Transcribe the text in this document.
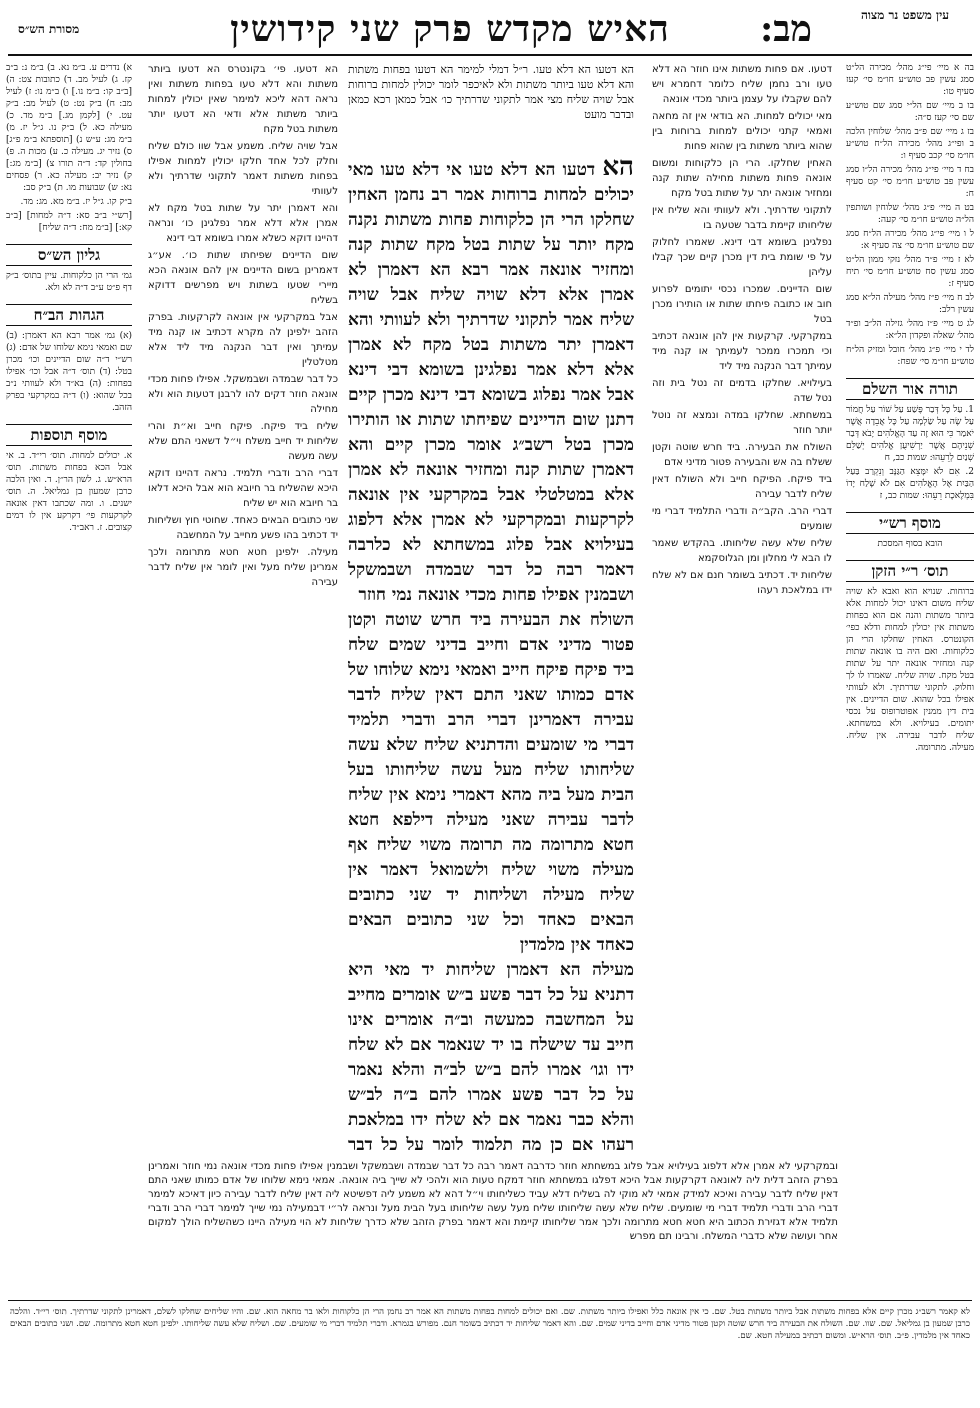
עין משפט נר מצוה
מב:
האיש מקדש פרק שני קידושין
מסורת הש״ס

בה א מיי׳ פי״ג מהל׳ מכירה הל״ט סמג עשין פב טוש״ע חו״מ סי׳ קעז סעיף טו:

בו ב מיי׳ שם הל״י סמג שם טוש״ע שם סי׳ קעז ס״ה:

בז ג מיי׳ שם פ״ב מהל׳ שלוחין הלכה ב ופי״ג מהל׳ מכירה הל״ח טוש״ע חו״מ סי׳ קכב סעיף ו:

בח ד מיי׳ פי״ג מהל׳ מכירה הל״ו סמג עשין פב טוש״ע חו״מ סי׳ קט סעיף ח:

בט ה מיי׳ פ״ג מהל׳ שלוחין ושותפין הל״ה טוש״ע חו״מ סי׳ קעה:

ל ו מיי׳ פי״ג מהל׳ מכירה הל״ח סמג שם טוש״ע חו״מ סי׳ צה סעיף א:

לא ז מיי׳ פ״ד מהל׳ נזקי ממון הל״ט סמג עשין סח טוש״ע חו״מ סי׳ תיח סעיף ז:

לב ח מיי׳ פ״ז מהל׳ מעילה הל״א סמג עשין רלב:

לג ט מיי׳ פ״ז מהל׳ גזילה הל״ב ופ״ד מהל׳ שאלה ופקדון הל״א:

לד י מיי׳ פ״ג מהל׳ חובל ומזיק הל״ח טוש״ע חו״מ סי׳ שפח:

תורה אור השלם

1. עַל כָּל דְּבַר פֶּשַׁע עַל שׁוֹר עַל חֲמוֹר עַל שֶׂה עַל שַׂלְמָה עַל כָּל אֲבֵדָה אֲשֶׁר יֹאמַר כִּי הוּא זֶה עַד הָאֱלֹהִים יָבֹא דְּבַר שְׁנֵיהֶם אֲשֶׁר יַרְשִׁיעֻן אֱלֹהִים יְשַׁלֵּם שְׁנַיִם לְרֵעֵהוּ: שמות כב, ח

2. אִם לֹא יִמָּצֵא הַגַּנָּב וְנִקְרַב בַּעַל הַבַּיִת אֶל הָאֱלֹהִים אִם לֹא שָׁלַח יָדוֹ בִּמְלֶאכֶת רֵעֵהוּ: שמות כב, ז

מוסף רש״י
הובא בסוף המסכת
תוס׳ ר״י הזקן

ברוחות. שנויא הוא ואבא לא שויה שליח משום דאינו יכול למחות אלא ביותר משתות והנה אם הוא בפחות משתות אין יכולין למחות ודלא כפי׳ הקונטרס. האחין שחלקו הרי הן כלקוחות. ואם היה בו אונאה שתות קנה ומחזיר אונאה יתר על שתות בטל מקח. שויה שליח. שאמרו לו לך וחלוק. לתקוני שדרתיך. ולא לעוותי אפילו בכל שהוא. שום הדיינים. אין בית דין ממנין אפוטרופוס על נכסי יתומים. בעילויא. ולא במשחתא. שליח לדבר עבירה. אין שליח. מעילה. מתרומה.

דטעו. אם פחות משתות אינו חוזר הא דלא טעו ורב נחמן שליח כלומר דחמרא ויש להם שקבלו על עצמן ביותר מכדי אונאה

מאי יכולים למחות. הא בודאי אין זה מחאה ואמאי קתני יכולים למחות ברוחות בין שהוא ביותר משתות בין שהוא פחות

האחין שחלקו. הרי הן כלקוחות ומשום אונאה פחות משתות מחילה שתות קנה ומחזיר אונאה יתר על שתות בטל מקח

לתקוני שדרתיך. ולא לעוותי והא שליח אין שליחותו קיימת בדבר שטעה בו

נפלגינן בשומא דבי דינא. שאמרו לחלוק על פי שומת בית דין מכרן קיים שכך קבלו עליהן

שום הדיינים. שמכרו נכסי יתומים לפרוע חוב או כתובה פיחתו שתות או הותירו מכרן בטל

במקרקעי. קרקעות אין להן אונאה דכתיב וכי תמכרו ממכר לעמיתך או קנה מיד עמיתך דבר הנקנה מיד ליד

בעילויא. שחלקו בדמים זה נטל בית וזה נטל שדה

במשחתא. שחלקו במדה ונמצא זה נוטל יותר חוזר

השולח את הבעירה. ביד חרש שוטה וקטן ששלח בה אש והבעירה פטור מדיני אדם

ביד פיקח. הפיקח חייב ולא השולח דאין שליח לדבר עבירה

דברי הרב. הקב״ה ודברי התלמיד דברי מי שומעים

שליח שלא עשה שליחותו. בהקדש שאמר לו הבא לי מחלון ומן הגלוסקמא

שליחות יד. דכתיב בשומר חנם אם לא שלח ידו במלאכת רעהו

הא דטעו הא דלא טעו. ר״ל דמלי למימר הא דטעו בפחות משתות והא דלא טעו ביותר משתות ולא לאיכפר לומר יכולין למחות ברוחות אבל שויה שליח מצי אמר לתקוני שדרתיך כו׳ אבל כמאן רכא כמאן ובדבר מועט

הא דטעו הא דלא טעו אי דלא טעו מאי יכולים למחות ברוחות אמר רב נחמן האחין שחלקו הרי הן כלקוחות פחות משתות נקנה מקח יותר על שתות בטל מקח שתות קנה ומחזיר אונאה אמר רבא הא דאמרן לא אמרן אלא דלא שויה שליח אבל שויה שליח אמר לתקוני שדרתיך ולא לעוותי והא דאמרן יתר משתות בטל מקח לא אמרן אלא דלא אמר נפלגינן בשומא דבי דינא אבל אמר נפלוג בשומא דבי דינא מכרן קיים דתנן שום הדיינים שפיחתו שתות או הותירו מכרן בטל רשב״ג אומר מכרן קיים והא דאמרן שתות קנה ומחזיר אונאה לא אמרן אלא במטלטלי אבל במקרקעי אין אונאה לקרקעות ובמקרקעי לא אמרן אלא דלפוג בעילויא אבל פלוג במשחתא לא כלרבה דאמר רבה כל דבר שבמדה ושבמשקל ושבמנין אפילו פחות מכדי אונאה נמי חוזר

השולח את הבעירה ביד חרש שוטה וקטן פטור מדיני אדם וחייב בדיני שמים שלח ביד פיקח פיקח חייב ואמאי נימא שלוחו של אדם כמותו שאני התם דאין שליח לדבר עבירה דאמרינן דברי הרב ודברי תלמיד דברי מי שומעים והדתניא שליח שלא עשה שליחותו שליח מעל עשה שליחותו בעל הבית מעל ביה מהא דאמרי נימא אין שליח לדבר עבירה שאני מעילה דילפא חטא חטא מתרומה מה תרומה משוי שליח אף מעילה משוי שליח ולשמואל דאמר אין שליח מעילה ושליחות יד שני כתובים הבאים כאחד וכל שני כתובים הבאים כאחד אין מלמדין

מעילה הא דאמרן שליחות יד מאי היא דתניא על כל דבר פשע ב״ש אומרים מחייב על המחשבה כמעשה וב״ה אומרים אינו חייב עד שישלח בו יד שנאמר אם לא שלח ידו וגו׳ אמרו להם ב״ש לב״ה והלא נאמר על כל דבר פשע אמרו להם ב״ה לב״ש והלא כבר נאמר אם לא שלח ידו במלאכת רעהו אם כן מה תלמוד לומר על כל דבר

הא דטעו. פי׳ בקונטרס הא דטעו ביותר משתות והא דלא טעו בפחות משתות ואין נראה דהא ליכא למימר שאין יכולין למחות ביותר משתות אלא ודאי הא דטעו יותר משתות בטל מקח

אבל שויה שליח. משמע אבל שוו כולם שליח וחלק לכל אחד חלקו יכולין למחות אפילו בפחות משתות דאמר לתקוני שדרתיך ולא לעוותי

והא דאמרן יתר על שתות בטל מקח לא אמרן אלא דלא אמר נפלגינן כו׳ ונראה דהיינו דוקא כשלא אמרו בשומא דבי דינא

שום הדיינים שפיחתו שתות כו׳. אע״ג דאמרינן בשום הדיינים אין להם אונאה הכא מיירי שטעו בשתות ויש מפרשים דדוקא בשליח

אבל במקרקעי אין אונאה לקרקעות. בפרק הזהב ילפינן לה מקרא דכתיב או קנה מיד עמיתך ואין דבר הנקנה מיד ליד אלא מטלטלין

כל דבר שבמדה ושבמשקל. אפילו פחות מכדי אונאה חוזר דקים להו לרבנן דטעות הוא ולא מחילה

שליח ביד פיקח. פיקח חייב וא״ת והרי שליחות יד חייב משלח וי״ל דשאני התם שלא עשה מעשה

דברי הרב ודברי תלמיד. נראה דהיינו דוקא היכא שהשליח בר חיובא הוא אבל היכא דלאו בר חיובא הוא יש שליח

שני כתובים הבאים כאחד. שחוטי חוץ ושליחות יד דכתיב בהו פשע מחייב על המחשבה

מעילה. ילפינן חטא חטא מתרומה ולכך אמרינן שליח מעל ואין לומר אין שליח לדבר עבירה

א) נדרים ע. ב״מ נא. ב) ב״מ נ: ב״ב קז. ג) לעיל מב. ד) כתובות צט: ה) [ב״ב קו: ב״מ נו.] ו) ב״מ נו: ז) לעיל מב: ח) ב״ק נט: ט) לעיל מב: ב״ק עט. י) [לקמן מג.] ב״מ מד. כ) מעילה כא. ל) ב״ק נו. ג״ל יז. מ) ב״מ מג: ע״ש נ) [תוספתא ב״מ פ״ג] ס) נזיר יג. מעילה כ. ע) מכות ה. פ) בחולין קד: ד״ה תורו צ) [ב״מ מג:] ק) נזיר יב: מעילה כא. ר) פסחים נא: ש) שבועות מו. ת) ב״ק סב:

ב״ק קו. ג״ל יז. ב״מ מא. מג: מד.

[רש״י ב״ב סא: ד״ה למחות] [ב״ב קא:] [ב״מ מח: ד״ה שליח]

גליון הש״ס

גמ׳ הרי הן כלקוחות. עיין בתוס׳ ב״ק דף פ״ט ע״ב ד״ה לא ולא.

הגהות הב״ח

(א) גמ׳ אמר רבא הא דאמרן: (ב) שם ואמאי נימא שלוחו של אדם: (ג) רש״י ד״ה שום הדיינים וכו׳ מכרן בטל: (ד) תוס׳ ד״ה אבל וכו׳ אפילו בפחות: (ה) בא״ד ולא לעוותי נ״ב בכל שהוא: (ו) ד״ה במקרקעי בפרק הזהב.

מוסף תוספות

א. יכולים למחות. תוס׳ רי״ד. ב. אי אבל הכא בפחות משתות. תוס׳ הרא״ש. ג. לשון הר״ן. ד. ואין הלכה כרבן שמעון בן גמליאל. ה. תוס׳ ישנים. ו. ומה שכתבו דאין אונאה לקרקעות פי׳ דקרקע אין לו דמים קצובים. ז. ראב״ד.

ובמקרקעי לא אמרן אלא דלפוג בעילויא אבל פלוג במשחתא חוזר כדרבה דאמר רבה כל דבר שבמדה ושבמשקל ושבמנין אפילו פחות מכדי אונאה נמי חוזר ואמרינן בפרק הזהב דלית ליה לאונאה דקרקעות אבל היכא דפלגו במשחתא חוזר דמקח טעות הוא ולהכי לא שייך ביה אונאה. אמאי נימא שלוחו של אדם כמותו שאני התם דאין שליח לדבר עבירה ואיכא למידק אמאי לא מוקי לה בשליח דלא עביד כשליחותו וי״ל דהא לא משמע ליה דפשיטא ליה דאין שליח לדבר עבירה כיון דאיכא למימר דברי הרב ודברי תלמיד דברי מי שומעים. שליח שלא עשה שליחותו שליח מעל עשה שליחותו בעל הבית מעל ונראה לר״י דבמעילה נמי שייך למימר דברי הרב ודברי תלמיד אלא דגזירת הכתוב היא חטא חטא מתרומה ולכך אמר שליחותו קיימת והא דאמר בפרק הזהב שלא כדרך שליחות לא הוי מעילה היינו כשהשליח הולך למקום אחר ועושה שלא כדברי המשלח. ורבינו תם מפרש

לא קאמר רשב״ג מכרן קיים אלא בפחות משתות אבל ביותר משתות בטל. שם. כי אין אונאה כלל ואפילו ביותר משתות. שם. ואם יכולים למחות בפחות משתות הא אמר רב נחמן הרי הן כלקוחות ולאו בר מחאה הוא. שם. והיו שליחים שחלקו לשלם, דאמרינן לתקוני שדרתיך. תוס׳ רי״ד. והלכה כרבן שמעון בן גמליאל. שם. שוו. שם. השולח את הבעירה ביד חרש שוטה וקטן פטור מדיני אדם וחייב בדיני שמים. שם. והא דאמר שליחות יד דכתיב בשומר חנם. מפורש בגמרא. ודברי תלמיד דברי מי שומעים. שם. ושליח שלא עשה שליחותו. ילפינן חטא חטא מתרומה. שם. ושני כתובים הבאים כאחד אין מלמדין. פ״ב. תוס׳ הרא״ש. ומשום דכתיב במעילה חטא. שם.
